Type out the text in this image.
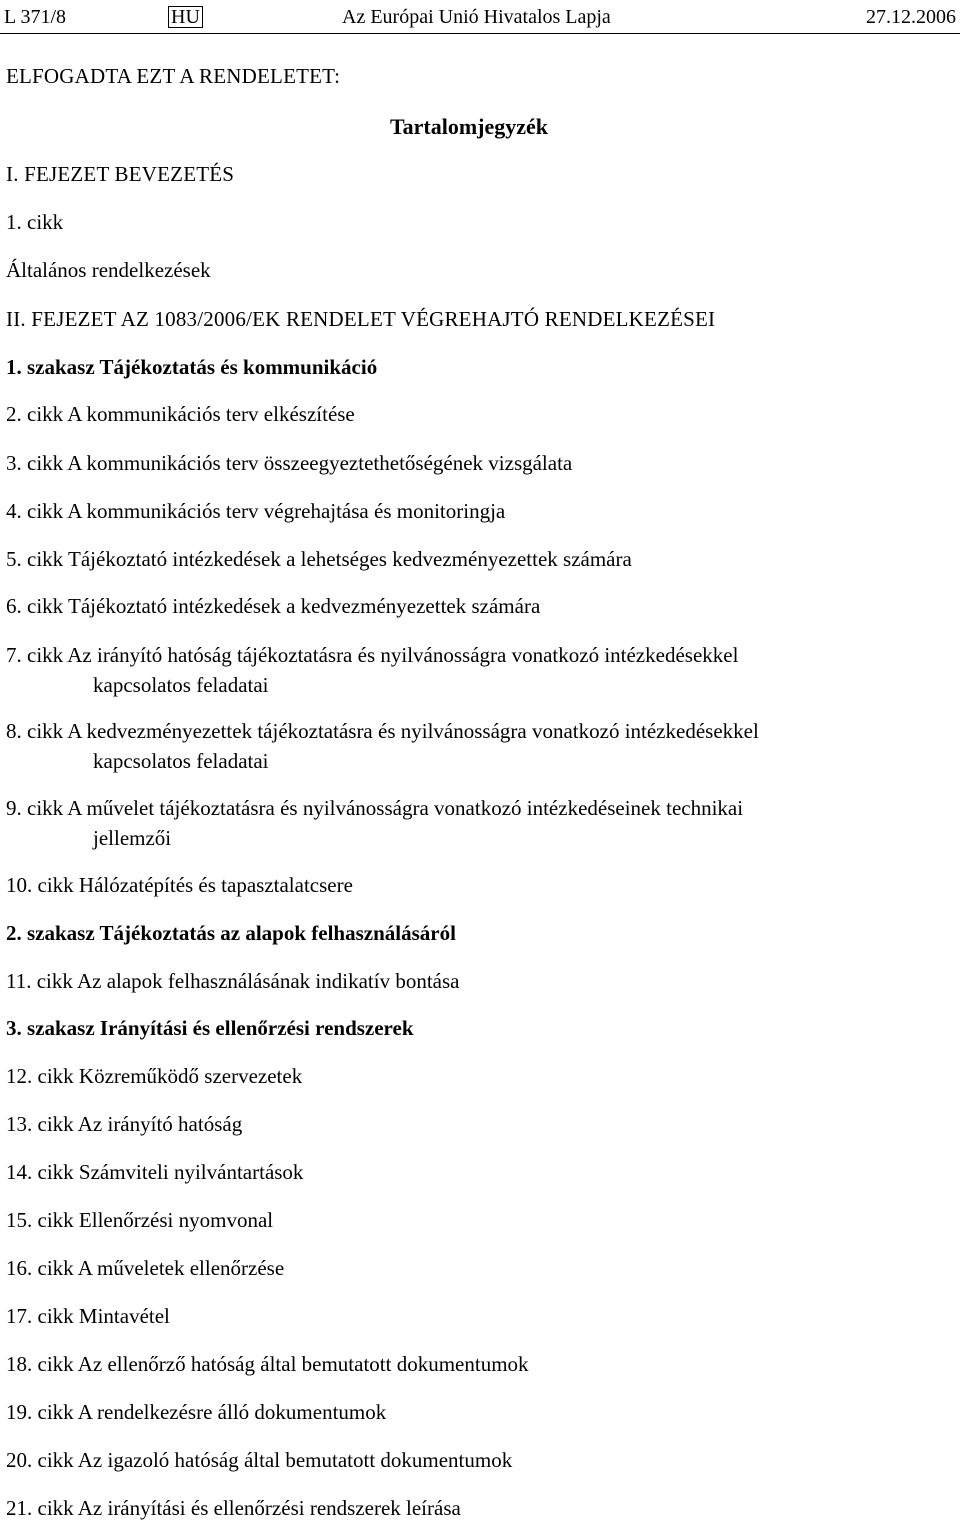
L 371/8	HU	Az Európai Unió Hivatalos Lapja	27.12.2006
ELFOGADTA EZT A RENDELETET:
Tartalomjegyzék
I. FEJEZET BEVEZETÉS
1. cikk
Általános rendelkezések
II. FEJEZET AZ 1083/2006/EK RENDELET VÉGREHAJTÓ RENDELKEZÉSEI
1. szakasz Tájékoztatás és kommunikáció
2. cikk A kommunikációs terv elkészítése
3. cikk A kommunikációs terv összeegyeztethetőségének vizsgálata
4. cikk A kommunikációs terv végrehajtása és monitoringja
5. cikk Tájékoztató intézkedések a lehetséges kedvezményezettek számára
6. cikk Tájékoztató intézkedések a kedvezményezettek számára
7. cikk Az irányító hatóság tájékoztatásra és nyilvánosságra vonatkozó intézkedésekkel
kapcsolatos feladatai
8. cikk A kedvezményezettek tájékoztatásra és nyilvánosságra vonatkozó intézkedésekkel
kapcsolatos feladatai
9. cikk A művelet tájékoztatásra és nyilvánosságra vonatkozó intézkedéseinek technikai
jellemzői
10. cikk Hálózatépítés és tapasztalatcsere
2. szakasz Tájékoztatás az alapok felhasználásáról
11. cikk Az alapok felhasználásának indikatív bontása
3. szakasz Irányítási és ellenőrzési rendszerek
12. cikk Közreműködő szervezetek
13. cikk Az irányító hatóság
14. cikk Számviteli nyilvántartások
15. cikk Ellenőrzési nyomvonal
16. cikk A műveletek ellenőrzése
17. cikk Mintavétel
18. cikk Az ellenőrző hatóság által bemutatott dokumentumok
19. cikk A rendelkezésre álló dokumentumok
20. cikk Az igazoló hatóság által bemutatott dokumentumok
21. cikk Az irányítási és ellenőrzési rendszerek leírása
